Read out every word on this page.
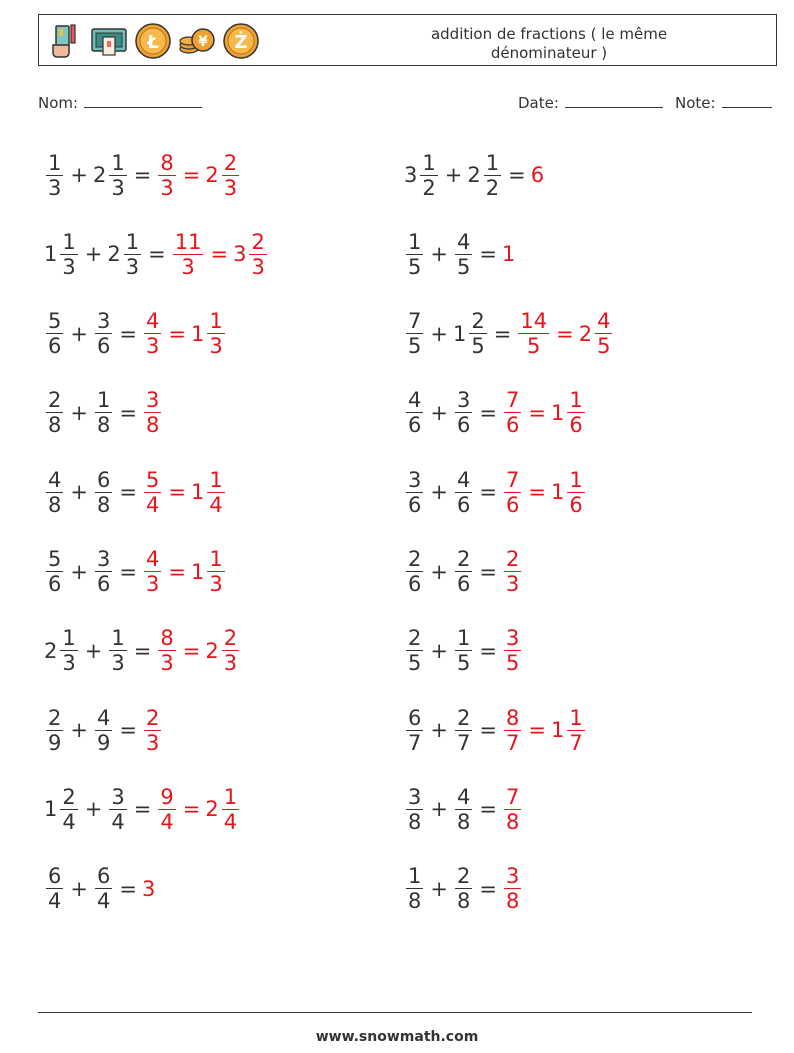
Ł	¥ Ż	addition de fractions ( le même dénominateur )
Nom:	Date:	Note:
$\frac{1}{3} + 2 \frac{1}{3} = \frac{8}{3} = 2 \frac{2}{3}$
$1 \frac{1}{3} + 2 \frac{1}{3} = \frac{11}{3} = 3 \frac{2}{3}$
$\frac{5}{6} + \frac{3}{6} = \frac{4}{3} = 1 \frac{1}{3}$
$\frac{2}{8} + \frac{1}{8} = \frac{3}{8}$
$\frac{4}{8} + \frac{6}{8} = \frac{5}{4} = 1 \frac{1}{4}$
$\frac{5}{6} + \frac{3}{6} = \frac{4}{3} = 1 \frac{1}{3}$
$2 \frac{1}{3} + \frac{1}{3} = \frac{8}{3} = 2 \frac{2}{3}$
$\frac{2}{9} + \frac{4}{9} = \frac{2}{3}$
$1 \frac{2}{4} + \frac{3}{4} = \frac{9}{4} = 2 \frac{1}{4}$
$\frac{6}{4} + \frac{6}{4} = 3$
$3 \frac{1}{2} + 2 \frac{1}{2} = 6$
$\frac{1}{5} + \frac{4}{5} = 1$
$\frac{7}{5} + 1 \frac{2}{5} = \frac{14}{5} = 2 \frac{4}{5}$
$\frac{4}{6} + \frac{3}{6} = \frac{7}{6} = 1 \frac{1}{6}$
$\frac{3}{6} + \frac{4}{6} = \frac{7}{6} = 1 \frac{1}{6}$
$\frac{2}{6} + \frac{2}{6} = \frac{2}{3}$
$\frac{2}{5} + \frac{1}{5} = \frac{3}{5}$
$\frac{6}{7} + \frac{2}{7} = \frac{8}{7} = 1 \frac{1}{7}$
$\frac{3}{8} + \frac{4}{8} = \frac{7}{8}$
$\frac{1}{8} + \frac{2}{8} = \frac{3}{8}$
www.snowmath.com
